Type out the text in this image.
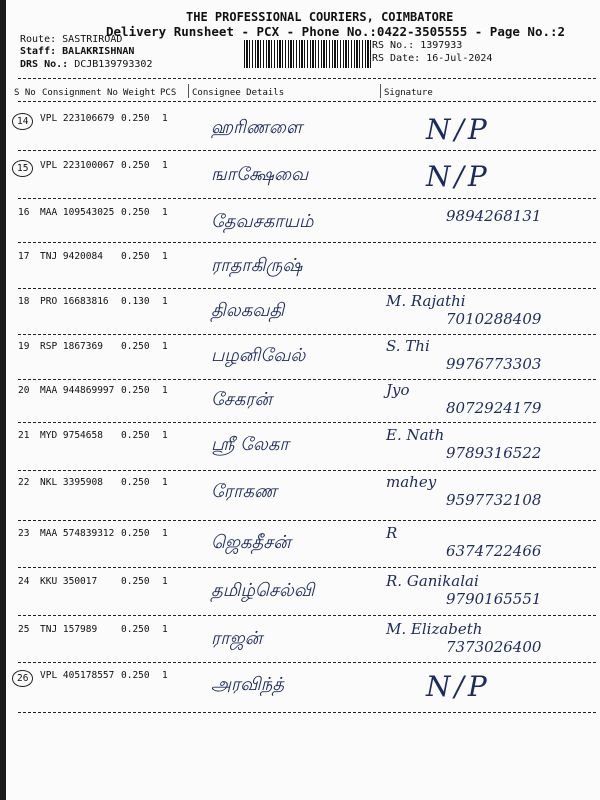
THE PROFESSIONAL COURIERS, COIMBATORE
Delivery Runsheet - PCX - Phone No.:0422-3505555 - Page No.:2
Route: SASTRIROAD
Staff: BALAKRISHNAN
DRS No.: DCJB139793302
RS No.: 1397933
RS Date: 16-Jul-2024
S No Consignment No Weight PCS Consignee Details	Signature
14	VPL 223106679 0.250 1 ஹரிணளை	N/P
15	VPL 223100067 0.250 1 ஙாக்ஷேவை	N/P
16 MAA 109543025 0.250 1 தேவசகாயம்	9894268131
17 TNJ 9420084 0.250 1 ராதாகிருஷ்
18 PRO 16683816 0.130 1 திலகவதி	M. Rajathi
7010288409
19 RSP 1867369 0.250 1 பழனிவேல்	S. Thi
9976773303
20 MAA 944869997 0.250 1 சேகரன்	Jyo
8072924179
21 MYD 9754658 0.250 1 ஸ்ரீ லேகா	E. Nath
9789316522
22 NKL 3395908 0.250 1 ரோகண	mahey
9597732108
23 MAA 574839312 0.250 1 ஜெகதீசன்	R
6374722466
24 KKU 350017	0.250 1 தமிழ்செல்வி	R. Ganikalai
9790165551
25 TNJ 157989	0.250 1 ராஜன்	M. Elizabeth
7373026400
26	VPL 405178557 0.250 1 அரவிந்த்	N/P
